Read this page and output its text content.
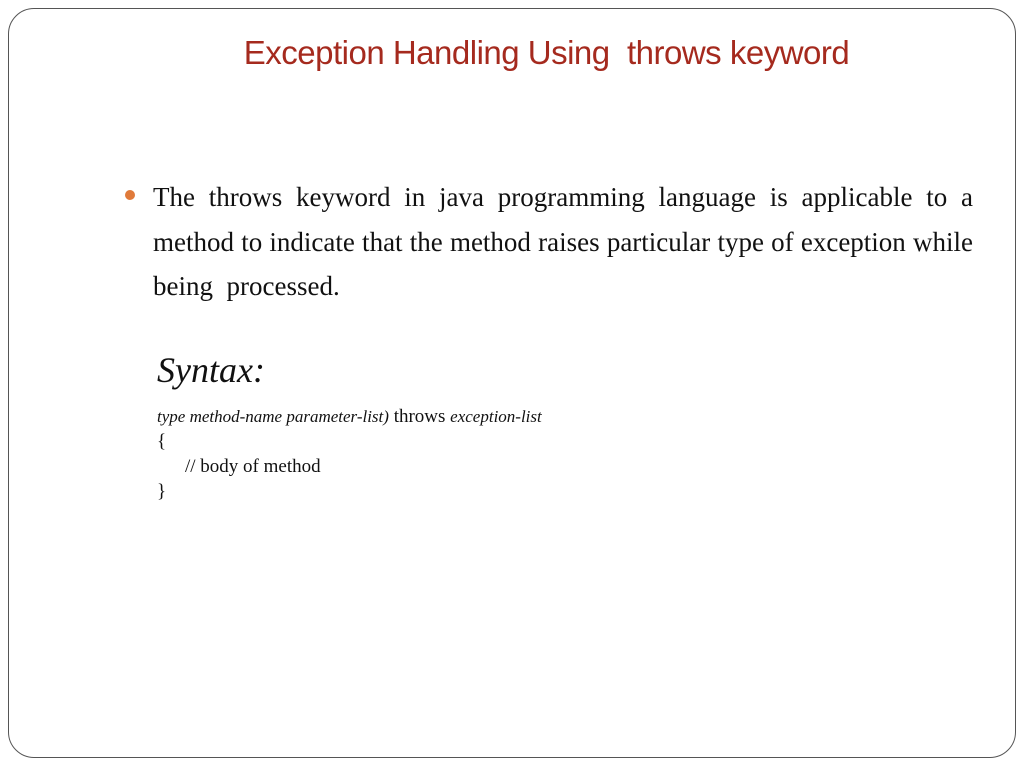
Exception Handling Using  throws keyword

The throws keyword in java programming language is applicable to a method to indicate that the method raises particular type of exception while being  processed.

Syntax:
type method-name parameter-list) throws exception-list
{
// body of method
}
